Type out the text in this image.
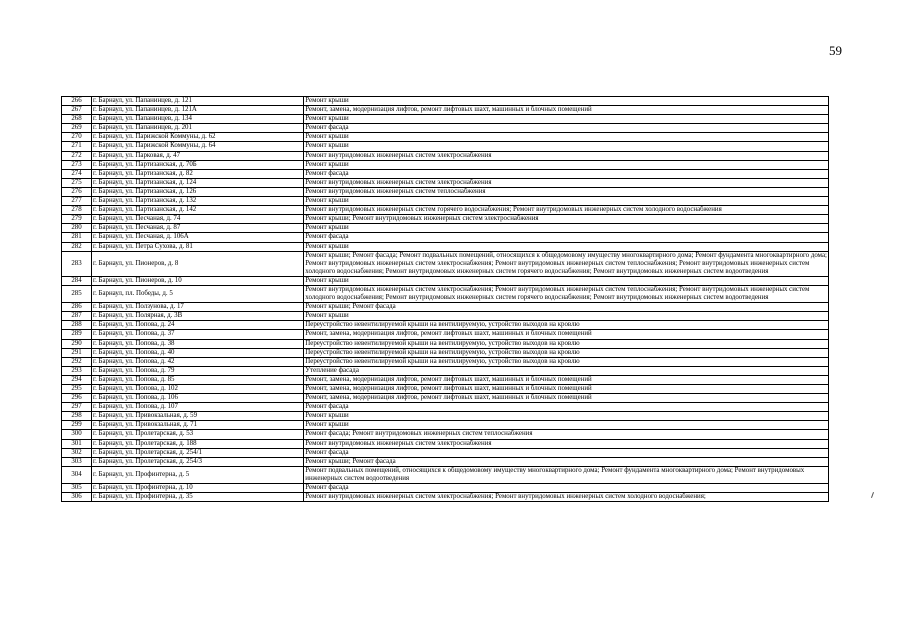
59
266	г. Барнаул, ул. Папанинцев, д. 121	Ремонт крыши
267	г. Барнаул, ул. Папанинцев, д. 121А	Ремонт, замена, модернизация лифтов, ремонт лифтовых шахт, машинных и блочных помещений
268	г. Барнаул, ул. Папанинцев, д. 134	Ремонт крыши
269	г. Барнаул, ул. Папанинцев, д. 201	Ремонт фасада
270	г. Барнаул, ул. Парижской Коммуны, д. 62	Ремонт крыши
271	г. Барнаул, ул. Парижской Коммуны, д. 64	Ремонт крыши
272	г. Барнаул, ул. Парковая, д. 47	Ремонт внутридомовых инженерных систем электроснабжения
273	г. Барнаул, ул. Партизанская, д. 70Б	Ремонт крыши
274	г. Барнаул, ул. Партизанская, д. 82	Ремонт фасада
275	г. Барнаул, ул. Партизанская, д. 124	Ремонт внутридомовых инженерных систем электроснабжения
276	г. Барнаул, ул. Партизанская, д. 126	Ремонт внутридомовых инженерных систем теплоснабжения
277	г. Барнаул, ул. Партизанская, д. 132	Ремонт крыши
278	г. Барнаул, ул. Партизанская, д. 142	Ремонт внутридомовых инженерных систем горячего водоснабжения; Ремонт внутридомовых инженерных систем холодного водоснабжения
279	г. Барнаул, ул. Песчаная, д. 74	Ремонт крыши; Ремонт внутридомовых инженерных систем электроснабжения
280	г. Барнаул, ул. Песчаная, д. 87	Ремонт крыши
281	г. Барнаул, ул. Песчаная, д. 106А	Ремонт фасада
282	г. Барнаул, ул. Петра Сухова, д. 81	Ремонт крыши
283	г. Барнаул, ул. Пионеров, д. 8	Ремонт крыши; Ремонт фасада; Ремонт подвальных помещений, относящихся к общедомовому имуществу многоквартирного дома; Ремонт фундамента многоквартирного дома; Ремонт внутридомовых инженерных систем электроснабжения; Ремонт внутридомовых инженерных систем теплоснабжения; Ремонт внутридомовых инженерных систем холодного водоснабжения; Ремонт внутридомовых инженерных систем горячего водоснабжения; Ремонт внутридомовых инженерных систем водоотведения
284	г. Барнаул, ул. Пионеров, д. 10	Ремонт крыши
285	г. Барнаул, пл. Победы, д. 5	Ремонт внутридомовых инженерных систем электроснабжения; Ремонт внутридомовых инженерных систем теплоснабжения; Ремонт внутридомовых инженерных систем холодного водоснабжения; Ремонт внутридомовых инженерных систем горячего водоснабжения; Ремонт внутридомовых инженерных систем водоотведения
286	г. Барнаул, ул. Ползунова, д. 17	Ремонт крыши; Ремонт фасада
287	г. Барнаул, ул. Полярная, д. 3В	Ремонт крыши
288	г. Барнаул, ул. Попова, д. 24	Переустройство невентилируемой крыши на вентилируемую, устройство выходов на кровлю
289	г. Барнаул, ул. Попова, д. 37	Ремонт, замена, модернизация лифтов, ремонт лифтовых шахт, машинных и блочных помещений
290	г. Барнаул, ул. Попова, д. 38	Переустройство невентилируемой крыши на вентилируемую, устройство выходов на кровлю
291	г. Барнаул, ул. Попова, д. 40	Переустройство невентилируемой крыши на вентилируемую, устройство выходов на кровлю
292	г. Барнаул, ул. Попова, д. 42	Переустройство невентилируемой крыши на вентилируемую, устройство выходов на кровлю
293	г. Барнаул, ул. Попова, д. 79	Утепление фасада
294	г. Барнаул, ул. Попова, д. 85	Ремонт, замена, модернизация лифтов, ремонт лифтовых шахт, машинных и блочных помещений
295	г. Барнаул, ул. Попова, д. 102	Ремонт, замена, модернизация лифтов, ремонт лифтовых шахт, машинных и блочных помещений
296	г. Барнаул, ул. Попова, д. 106	Ремонт, замена, модернизация лифтов, ремонт лифтовых шахт, машинных и блочных помещений
297	г. Барнаул, ул. Попова, д. 107	Ремонт фасада
298	г. Барнаул, ул. Привокзальная, д. 59	Ремонт крыши
299	г. Барнаул, ул. Привокзальная, д. 71	Ремонт крыши
300	г. Барнаул, ул. Пролетарская, д. 53	Ремонт фасада; Ремонт внутридомовых инженерных систем теплоснабжения
301	г. Барнаул, ул. Пролетарская, д. 188	Ремонт внутридомовых инженерных систем электроснабжения
302	г. Барнаул, ул. Пролетарская, д. 254/1	Ремонт фасада
303	г. Барнаул, ул. Пролетарская, д. 254/3	Ремонт крыши; Ремонт фасада
304	г. Барнаул, ул. Профинтерна, д. 5	Ремонт подвальных помещений, относящихся к общедомовому имуществу многоквартирного дома; Ремонт фундамента многоквартирного дома; Ремонт внутридомовых инженерных систем водоотведения
305	г. Барнаул, ул. Профинтерна, д. 10	Ремонт фасада
306	г. Барнаул, ул. Профинтерна, д. 35	Ремонт внутридомовых инженерных систем электроснабжения; Ремонт внутридомовых инженерных систем холодного водоснабжения;
